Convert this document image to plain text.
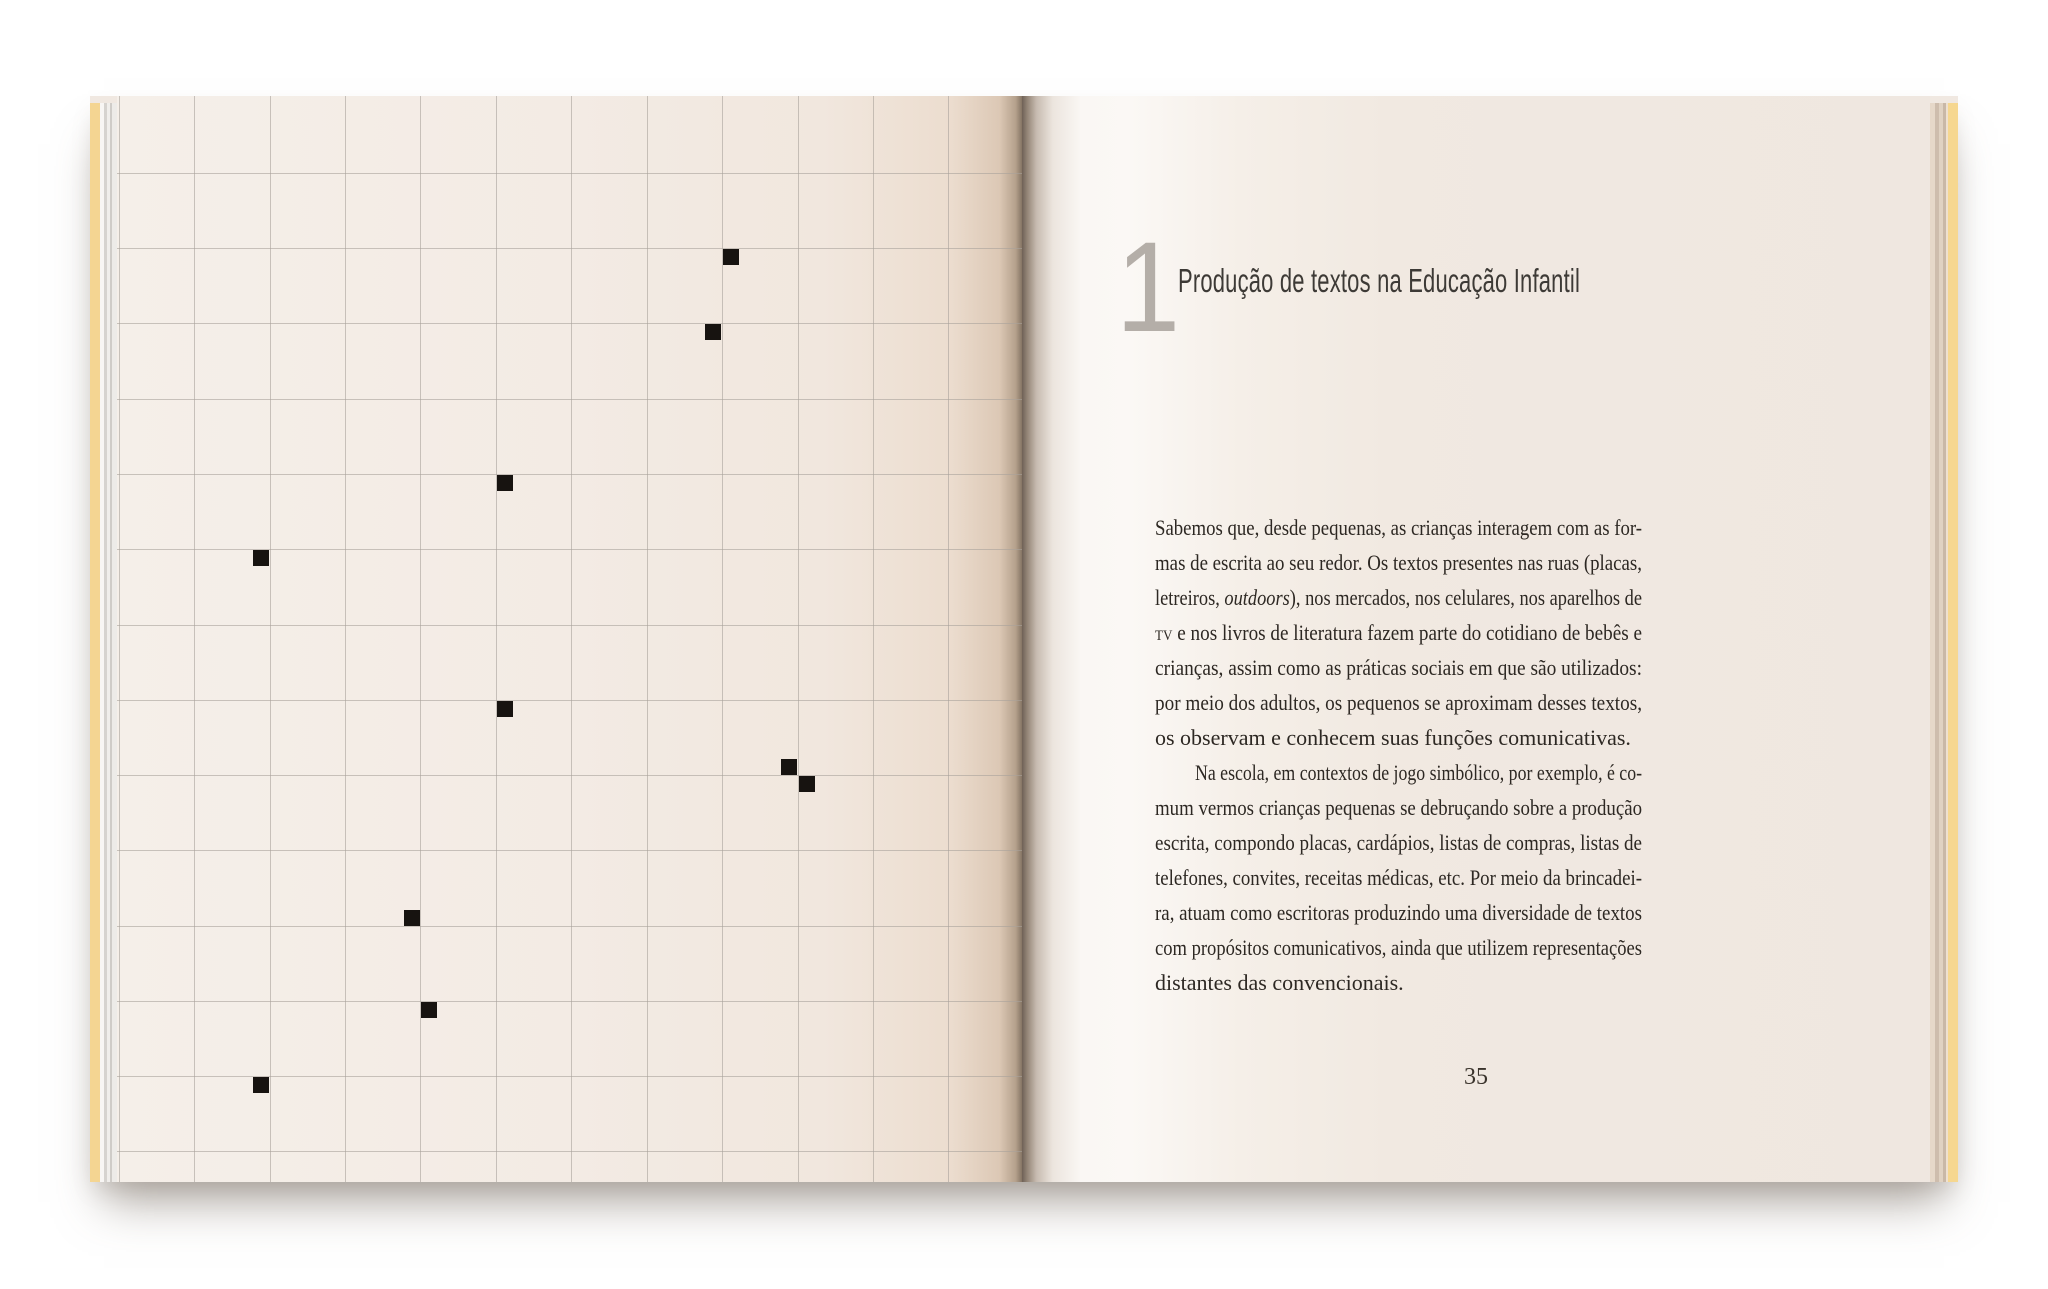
1
Produção de textos na Educação Infantil
Sabemos que, desde pequenas, as crianças interagem com as for-
mas de escrita ao seu redor. Os textos presentes nas ruas (placas,
letreiros, outdoors), nos mercados, nos celulares, nos aparelhos de
tv e nos livros de literatura fazem parte do cotidiano de bebês e
crianças, assim como as práticas sociais em que são utilizados:
por meio dos adultos, os pequenos se aproximam desses textos,
os observam e conhecem suas funções comunicativas.
Na escola, em contextos de jogo simbólico, por exemplo, é co-
mum vermos crianças pequenas se debruçando sobre a produção
escrita, compondo placas, cardápios, listas de compras, listas de
telefones, convites, receitas médicas, etc. Por meio da brincadei-
ra, atuam como escritoras produzindo uma diversidade de textos
com propósitos comunicativos, ainda que utilizem representações
distantes das convencionais.
35
